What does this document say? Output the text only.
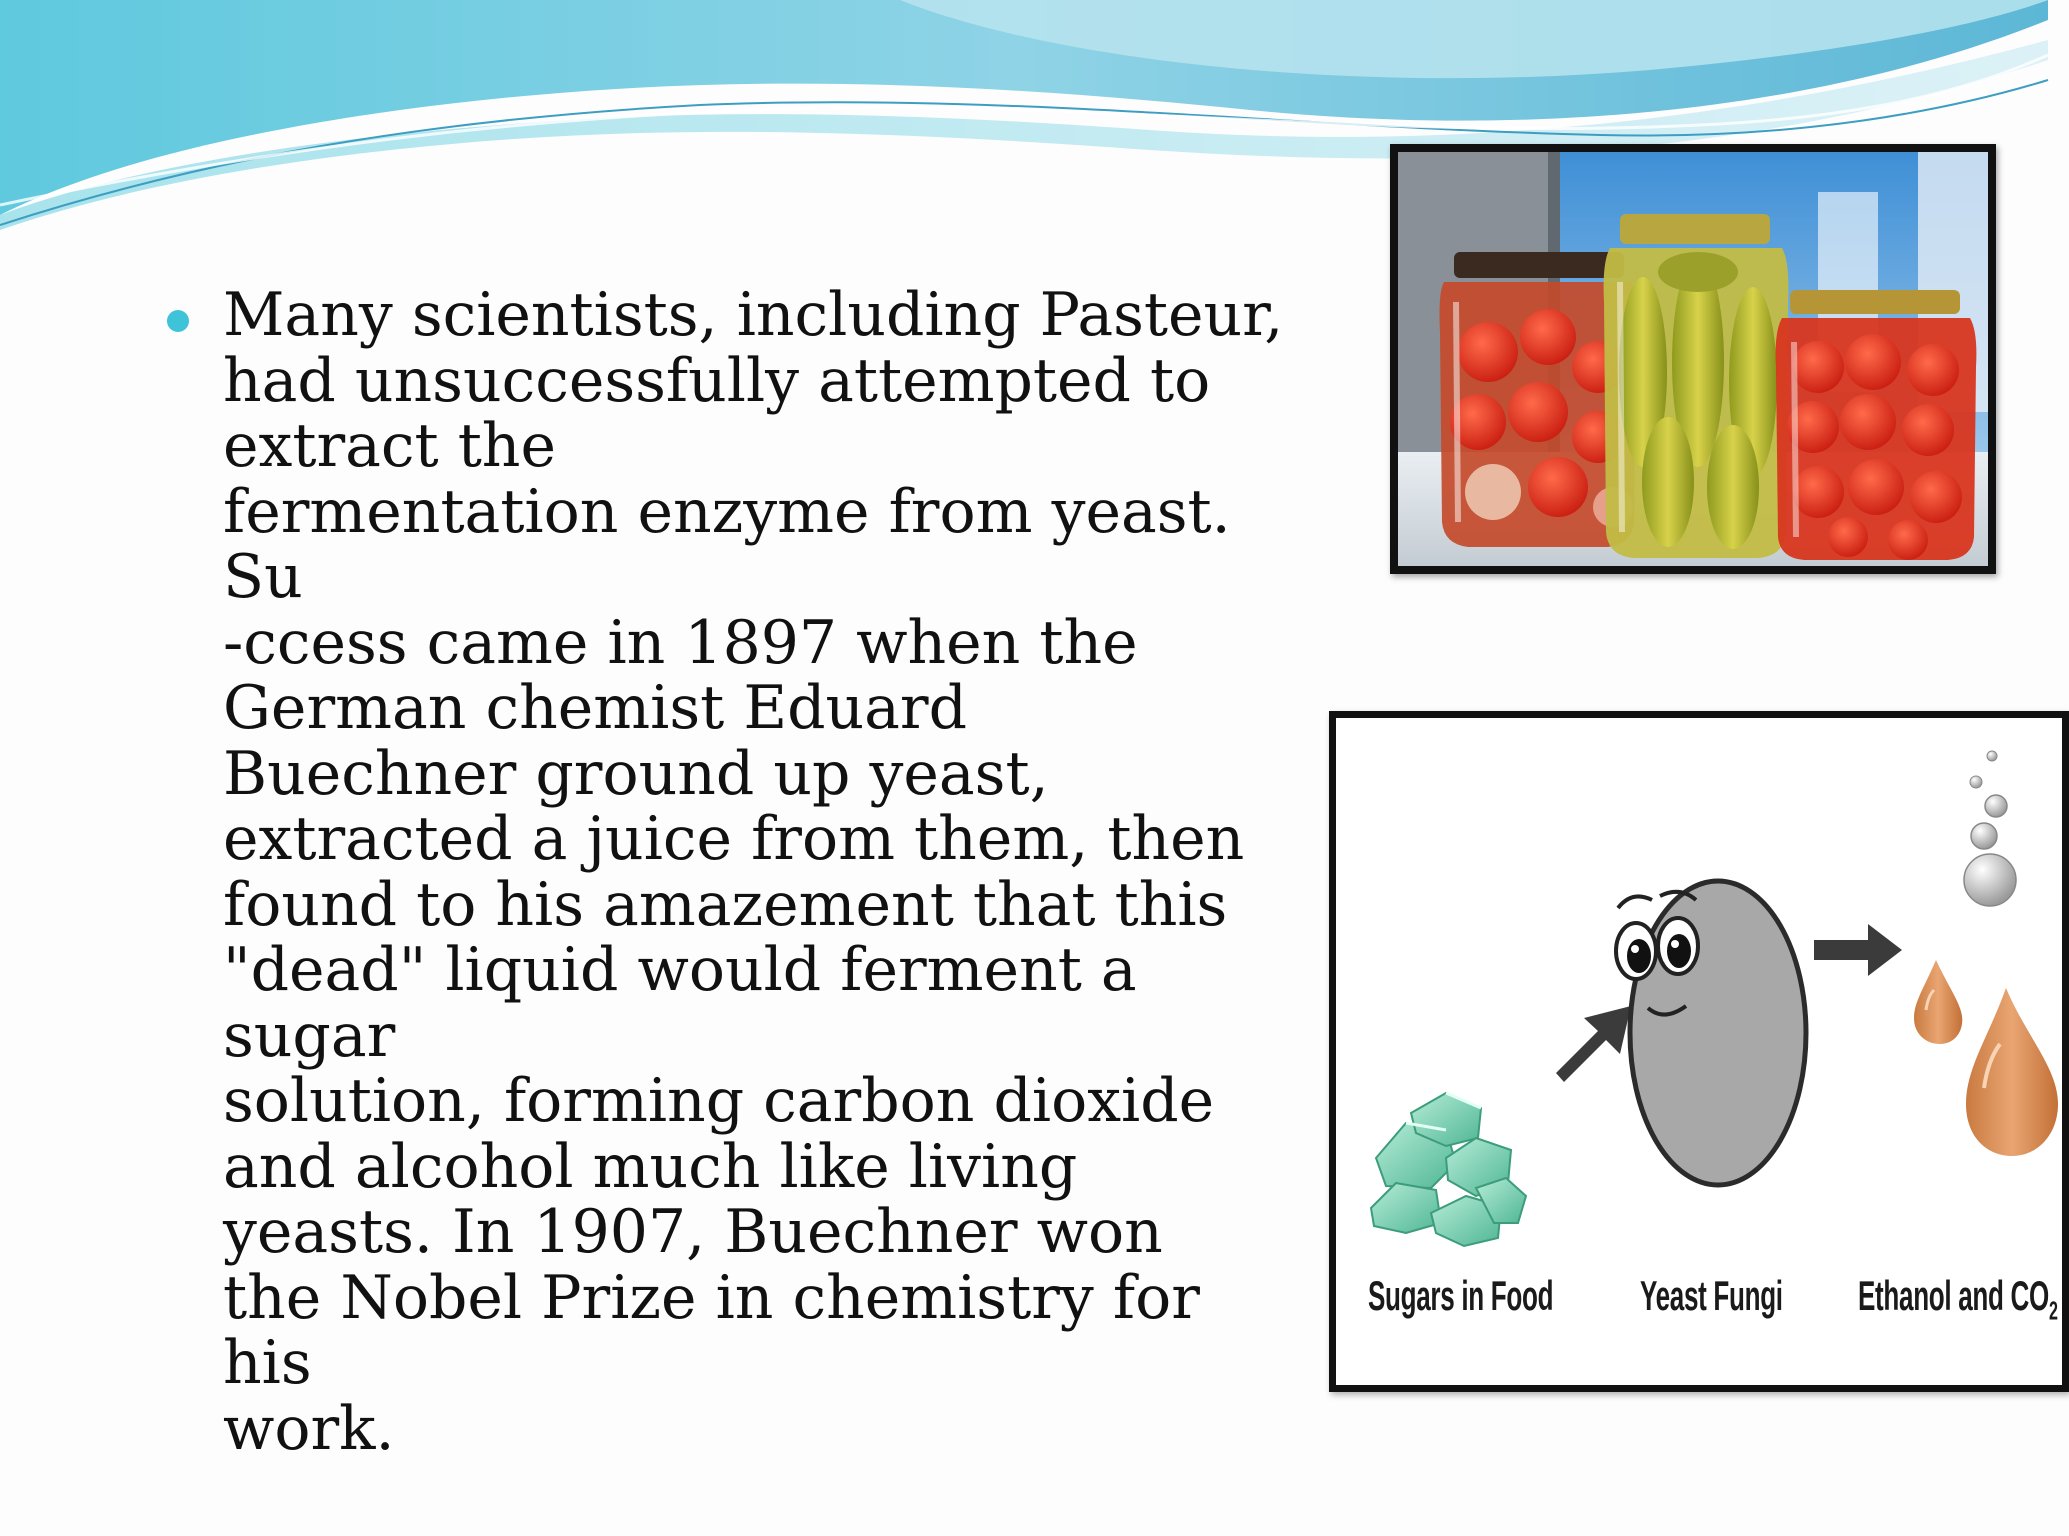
Many scientists, including Pasteur,
had unsuccessfully attempted to
extract the
fermentation enzyme from yeast. Su
-ccess came in 1897 when the
German chemist Eduard
Buechner ground up yeast,
extracted a juice from them, then
found to his amazement that this
"dead" liquid would ferment a sugar
solution, forming carbon dioxide
and alcohol much like living
yeasts. In 1907, Buechner won
the Nobel Prize in chemistry for his
work.

Sugars in Food Yeast Fungi Ethanol and $CO_2$
